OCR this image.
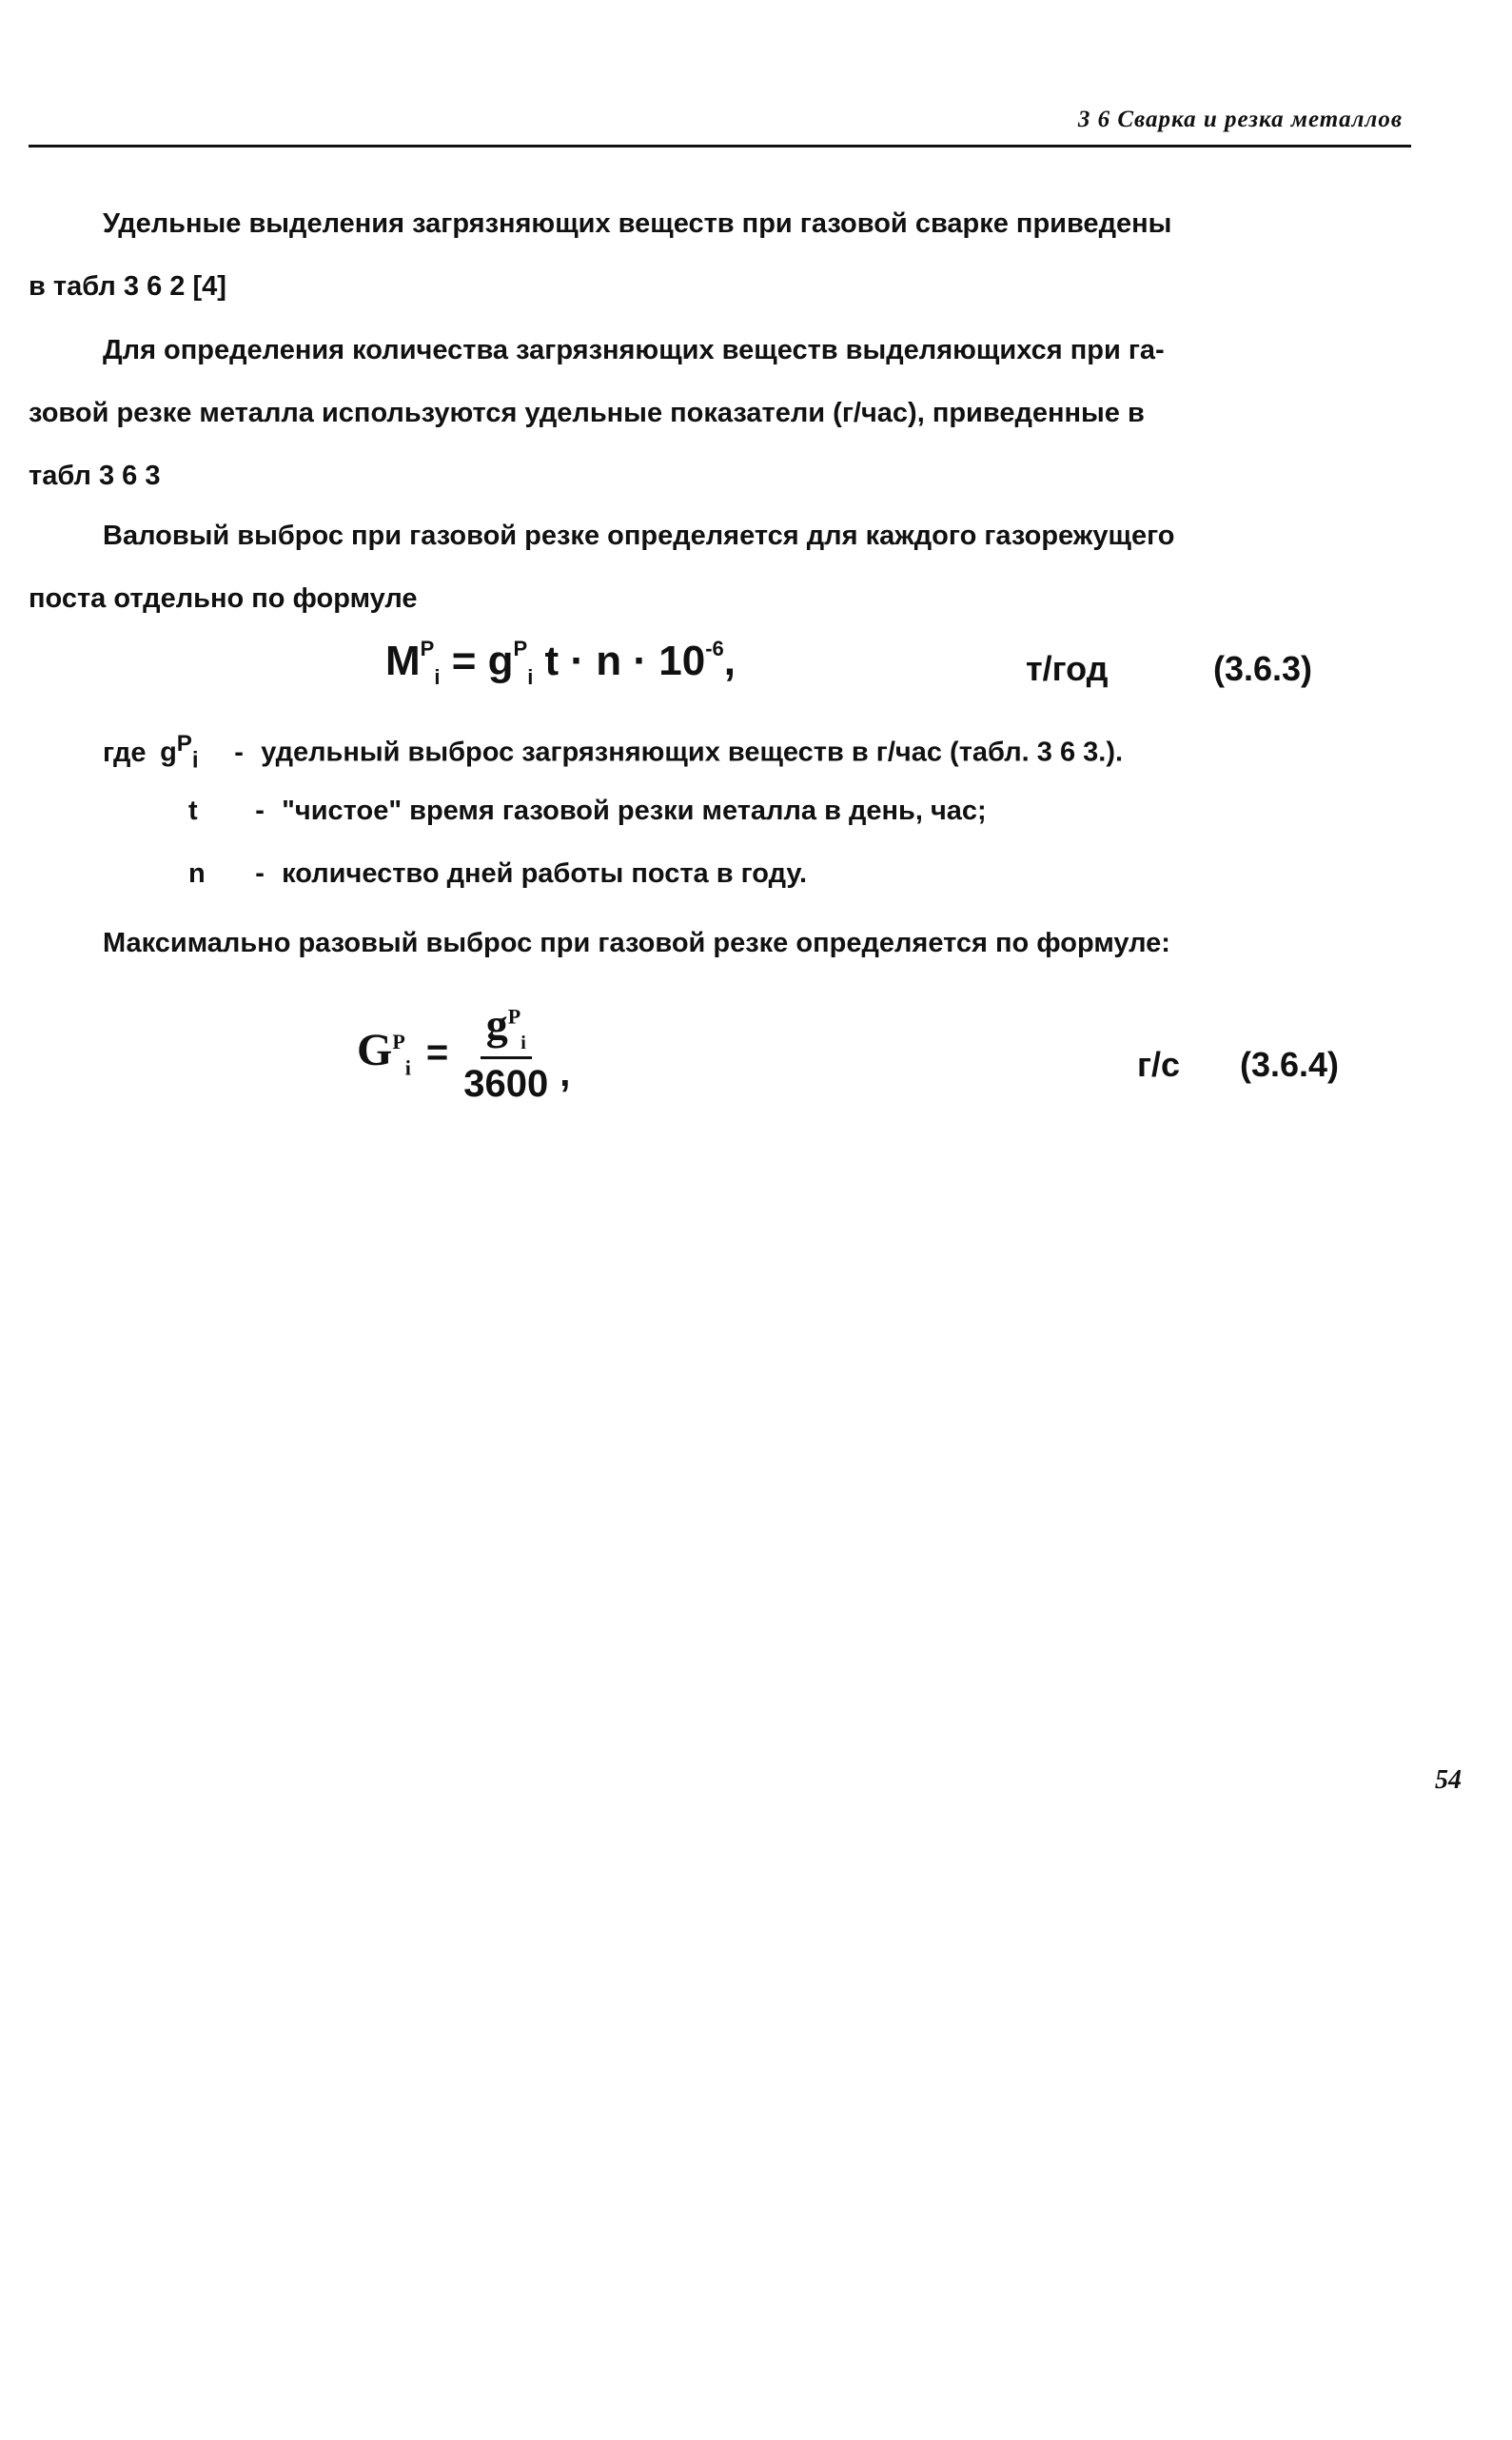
3 6 Сварка и резка металлов
Удельные выделения загрязняющих веществ при газовой сварке приведены
в табл 3 6 2 [4]
Для определения количества загрязняющих веществ выделяющихся при га-
зовой резке металла используются удельные показатели (г/час), приведенные в
табл 3 6 3
Валовый выброс при газовой резке определяется для каждого газорежущего
поста отдельно по формуле
$M^P_i = g^P_i$ $t \cdot n \cdot 10^{-6}$,	т/год	(3.6.3)
где $g^P_i$ - удельный выброс загрязняющих веществ в г/час (табл. 3 6 3.).
t - "чистое" время газовой резки металла в день, час;
n - количество дней работы поста в году.
Максимально разовый выброс при газовой резке определяется по формуле:
$G^P_i = \frac{g^P_i}{3600}$ ,	г/с (3.6.4)
54
